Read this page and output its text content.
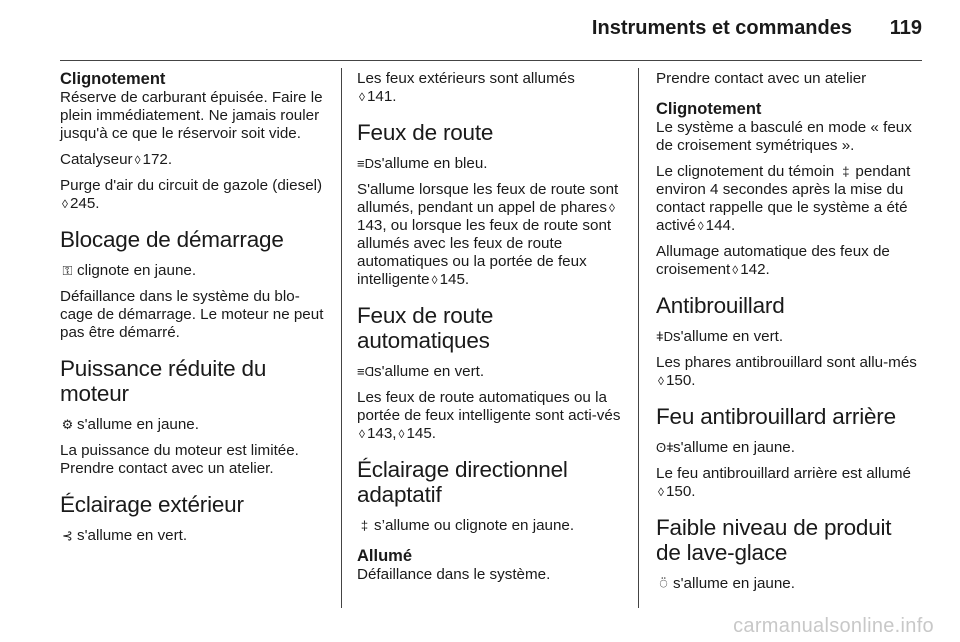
Instruments et commandes 119
Clignotement

Réserve de carburant épuisée. Faire le plein immédiatement. Ne jamais rouler jusqu'à ce que le réservoir soit vide.

Catalyseur ◊ 172.

Purge d'air du circuit de gazole (diesel)◊ 245.

Blocage de démarrage

⚿ clignote en jaune.

Défaillance dans le système du blo-cage de démarrage. Le moteur ne peut pas être démarré.

Puissance réduite du moteur

⚙ s'allume en jaune.

La puissance du moteur est limitée. Prendre contact avec un atelier.

Éclairage extérieur

⊰ s'allume en vert.

Les feux extérieurs sont allumés
◊ 141.

Feux de route

≡Ds'allume en bleu.

S'allume lorsque les feux de route sont allumés, pendant un appel de phares ◊143, ou lorsque les feux de route sont allumés avec les feux de route automatiques ou la portée de feux intelligente ◊ 145.

Feux de route automatiques

≡Ɑs'allume en vert.

Les feux de route automatiques ou la portée de feux intelligente sont acti-vés◊ 143, ◊ 145.

Éclairage directionnel adaptatif

‡ s’allume ou clignote en jaune.

Allumé

Défaillance dans le système.

Prendre contact avec un atelier

Clignotement

Le système a basculé en mode « feux de croisement symétriques ».

Le clignotement du témoin ‡ pendant environ 4 secondes après la mise du contact rappelle que le système a été activé ◊ 144.

Allumage automatique des feux de croisement ◊ 142.

Antibrouillard

ǂDs'allume en vert.

Les phares antibrouillard sont allu-més◊ 150.

Feu antibrouillard arrière

ʘǂs'allume en jaune.

Le feu antibrouillard arrière est allumé
◊ 150.

Faible niveau de produit de lave-glace

⍥ s'allume en jaune.

carmanualsonline.info
